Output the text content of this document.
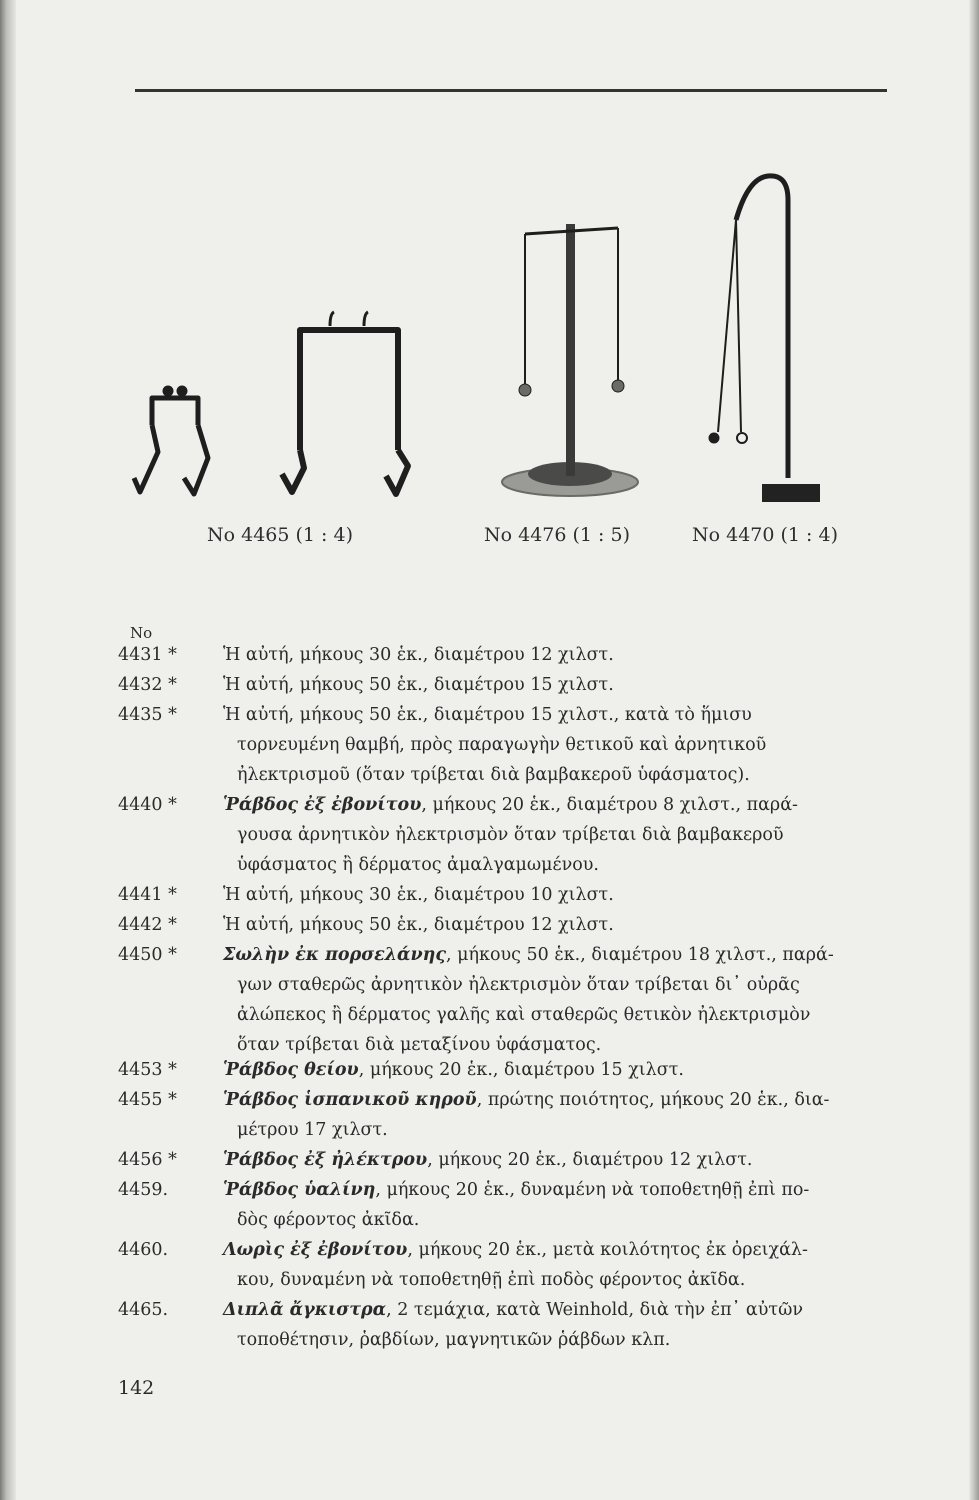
No 4465 (1 : 4)	No 4476 (1 : 5)	No 4470 (1 : 4)
No
4431 *	Ἡ αὐτή, μήκους 30 ἑκ., διαμέτρου 12 χιλστ.
4432 *	Ἡ αὐτή, μήκους 50 ἑκ., διαμέτρου 15 χιλστ.
4435 *	Ἡ αὐτή, μήκους 50 ἑκ., διαμέτρου 15 χιλστ., κατὰ τὸ ἥμισυ
τορνευμένη θαμβή, πρὸς παραγωγὴν θετικοῦ καὶ ἀρνητικοῦ
ἠλεκτρισμοῦ (ὅταν τρίβεται διὰ βαμβακεροῦ ὑφάσματος).
4440 *	Ῥάβδος ἐξ ἐβονίτου, μήκους 20 ἑκ., διαμέτρου 8 χιλστ., παρά-
γουσα ἀρνητικὸν ἠλεκτρισμὸν ὅταν τρίβεται διὰ βαμβακεροῦ
ὑφάσματος ἢ δέρματος ἀμαλγαμωμένου.
4441 *	Ἡ αὐτή, μήκους 30 ἑκ., διαμέτρου 10 χιλστ.
4442 *	Ἡ αὐτή, μήκους 50 ἑκ., διαμέτρου 12 χιλστ.
4450 *	Σωλὴν ἐκ πορσελάνης, μήκους 50 ἑκ., διαμέτρου 18 χιλστ., παρά-
γων σταθερῶς ἀρνητικὸν ἠλεκτρισμὸν ὅταν τρίβεται δι᾽ οὐρᾶς
ἀλώπεκος ἢ δέρματος γαλῆς καὶ σταθερῶς θετικὸν ἠλεκτρισμὸν
ὅταν τρίβεται διὰ μεταξίνου ὑφάσματος.
4453 *	Ῥάβδος θείου, μήκους 20 ἑκ., διαμέτρου 15 χιλστ.
4455 *	Ῥάβδος ἱσπανικοῦ κηροῦ, πρώτης ποιότητος, μήκους 20 ἑκ., δια-
μέτρου 17 χιλστ.
4456 *	Ῥάβδος ἐξ ἠλέκτρου, μήκους 20 ἑκ., διαμέτρου 12 χιλστ.
4459.	Ῥάβδος ὑαλίνη, μήκους 20 ἑκ., δυναμένη νὰ τοποθετηθῇ ἐπὶ πο-
δὸς φέροντος ἀκῖδα.
4460.	Λωρὶς ἐξ ἐβονίτου, μήκους 20 ἑκ., μετὰ κοιλότητος ἐκ ὀρειχάλ-
κου, δυναμένη νὰ τοποθετηθῇ ἐπὶ ποδὸς φέροντος ἀκῖδα.
4465.	Διπλᾶ ἄγκιστρα, 2 τεμάχια, κατὰ Weinhold, διὰ τὴν ἐπ᾽ αὐτῶν
τοποθέτησιν, ῥαβδίων, μαγνητικῶν ῥάβδων κλπ.
142
